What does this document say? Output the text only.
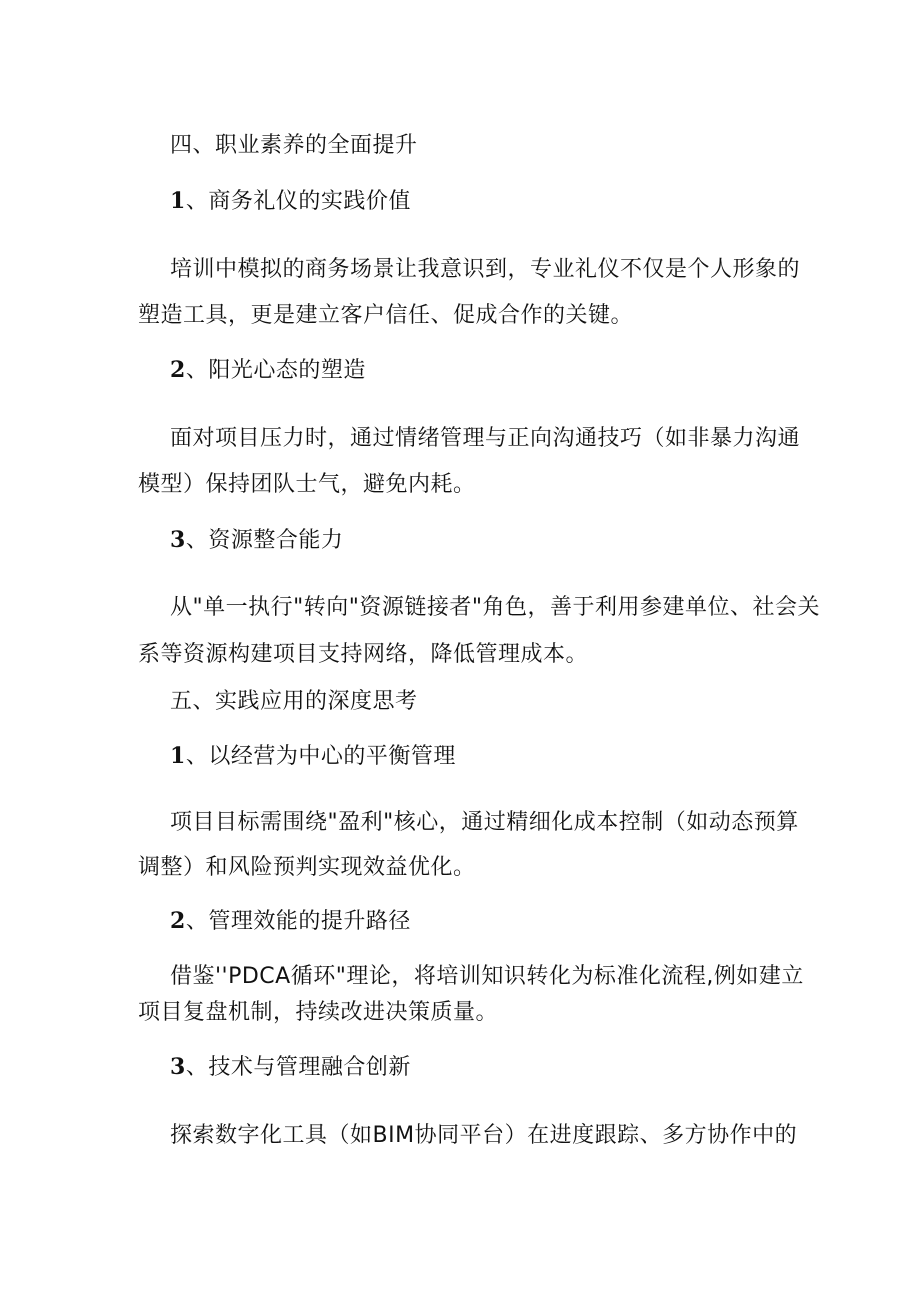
四、职业素养的全面提升
1、商务礼仪的实践价值
培训中模拟的商务场景让我意识到，专业礼仪不仅是个人形象的
塑造工具，更是建立客户信任、促成合作的关键。
2、阳光心态的塑造
面对项目压力时，通过情绪管理与正向沟通技巧（如非暴力沟通
模型）保持团队士气，避免内耗。
3、资源整合能力
从"单一执行"转向"资源链接者"角色，善于利用参建单位、社会关
系等资源构建项目支持网络，降低管理成本。
五、实践应用的深度思考
1、以经营为中心的平衡管理
项目目标需围绕"盈利"核心，通过精细化成本控制（如动态预算
调整）和风险预判实现效益优化。
2、管理效能的提升路径
借鉴''PDCA循环"理论，将培训知识转化为标准化流程,例如建立
项目复盘机制，持续改进决策质量。
3、技术与管理融合创新
探索数字化工具（如BIM协同平台）在进度跟踪、多方协作中的
